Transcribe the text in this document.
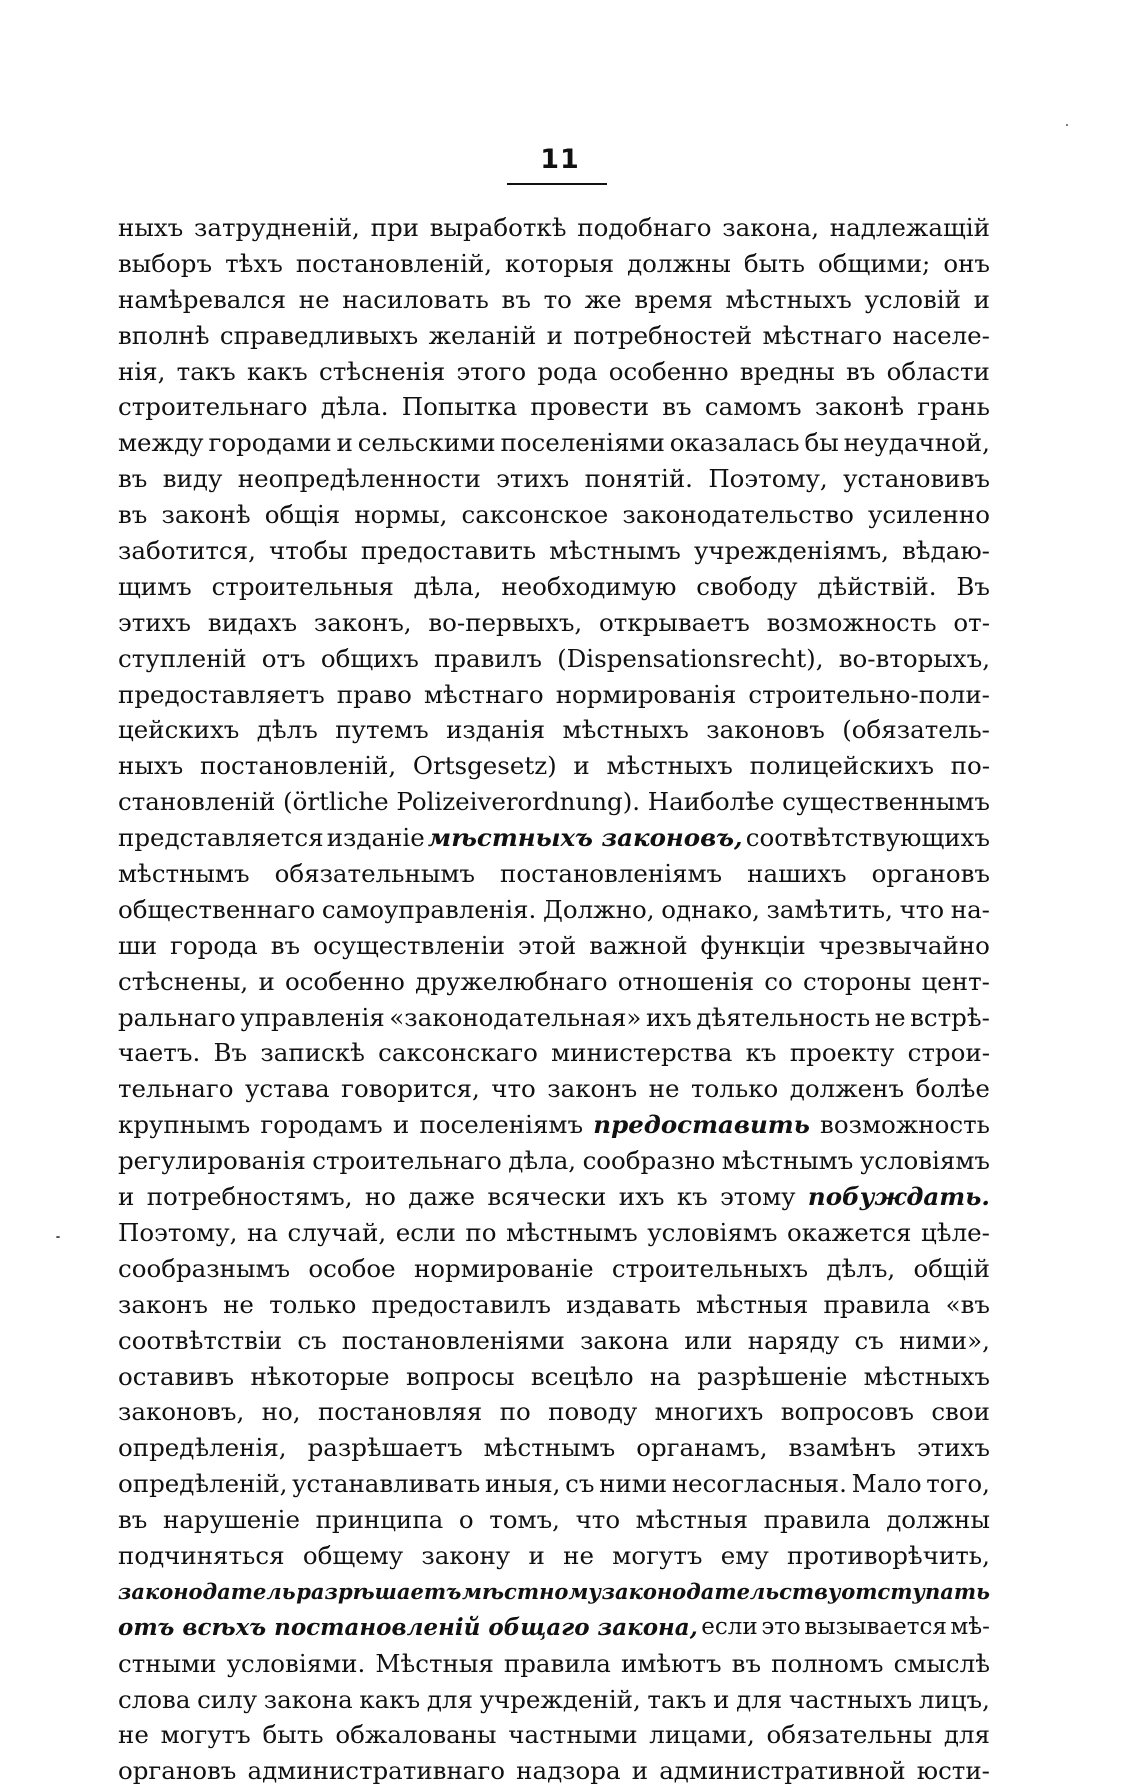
11
ныхъ затрудненій, при выработкѣ подобнаго закона, надлежащій
выборъ тѣхъ постановленій, которыя должны быть общими; онъ
намѣревался не насиловать въ то же время мѣстныхъ условій и
вполнѣ справедливыхъ желаній и потребностей мѣстнаго населе-
нія, такъ какъ стѣсненія этого рода особенно вредны въ области
строительнаго дѣла. Попытка провести въ самомъ законѣ грань
между городами и сельскими поселеніями оказалась бы неудачной,
въ виду неопредѣленности этихъ понятій. Поэтому, установивъ
въ законѣ общія нормы, саксонское законодательство усиленно
заботится, чтобы предоставить мѣстнымъ учрежденіямъ, вѣдаю-
щимъ строительныя дѣла, необходимую свободу дѣйствій. Въ
этихъ видахъ законъ, во-первыхъ, открываетъ возможность от-
ступленій отъ общихъ правилъ (Dispensationsrecht), во-вторыхъ,
предоставляетъ право мѣстнаго нормированія строительно-поли-
цейскихъ дѣлъ путемъ изданія мѣстныхъ законовъ (обязатель-
ныхъ постановленій, Ortsgesetz) и мѣстныхъ полицейскихъ по-
становленій (örtliche Polizeiverordnung). Наиболѣе существеннымъ
представляется изданіе мѣстныхъ законовъ, соотвѣтствующихъ
мѣстнымъ обязательнымъ постановленіямъ нашихъ органовъ
общественнаго самоуправленія. Должно, однако, замѣтить, что на-
ши города въ осуществленіи этой важной функціи чрезвычайно
стѣснены, и особенно дружелюбнаго отношенія со стороны цент-
ральнаго управленія «законодательная» ихъ дѣятельность не встрѣ-
чаетъ. Въ запискѣ саксонскаго министерства къ проекту строи-
тельнаго устава говорится, что законъ не только долженъ болѣе
крупнымъ городамъ и поселеніямъ предоставить возможность
регулированія строительнаго дѣла, сообразно мѣстнымъ условіямъ
и потребностямъ, но даже всячески ихъ къ этому побуждать.
Поэтому, на случай, если по мѣстнымъ условіямъ окажется цѣле-
сообразнымъ особое нормированіе строительныхъ дѣлъ, общій
законъ не только предоставилъ издавать мѣстныя правила «въ
соотвѣтствіи съ постановленіями закона или наряду съ ними»,
оставивъ нѣкоторые вопросы всецѣло на разрѣшеніе мѣстныхъ
законовъ, но, постановляя по поводу многихъ вопросовъ свои
опредѣленія, разрѣшаетъ мѣстнымъ органамъ, взамѣнъ этихъ
опредѣленій, устанавливать иныя, съ ними несогласныя. Мало того,
въ нарушеніе принципа о томъ, что мѣстныя правила должны
подчиняться общему закону и не могутъ ему противорѣчить,
законодатель разрѣшаетъ мѣстному законодательству отступать
отъ всѣхъ постановленій общаго закона, если это вызывается мѣ-
стными условіями. Мѣстныя правила имѣютъ въ полномъ смыслѣ
слова силу закона какъ для учрежденій, такъ и для частныхъ лицъ,
не могутъ быть обжалованы частными лицами, обязательны для
органовъ административнаго надзора и административной юсти-
